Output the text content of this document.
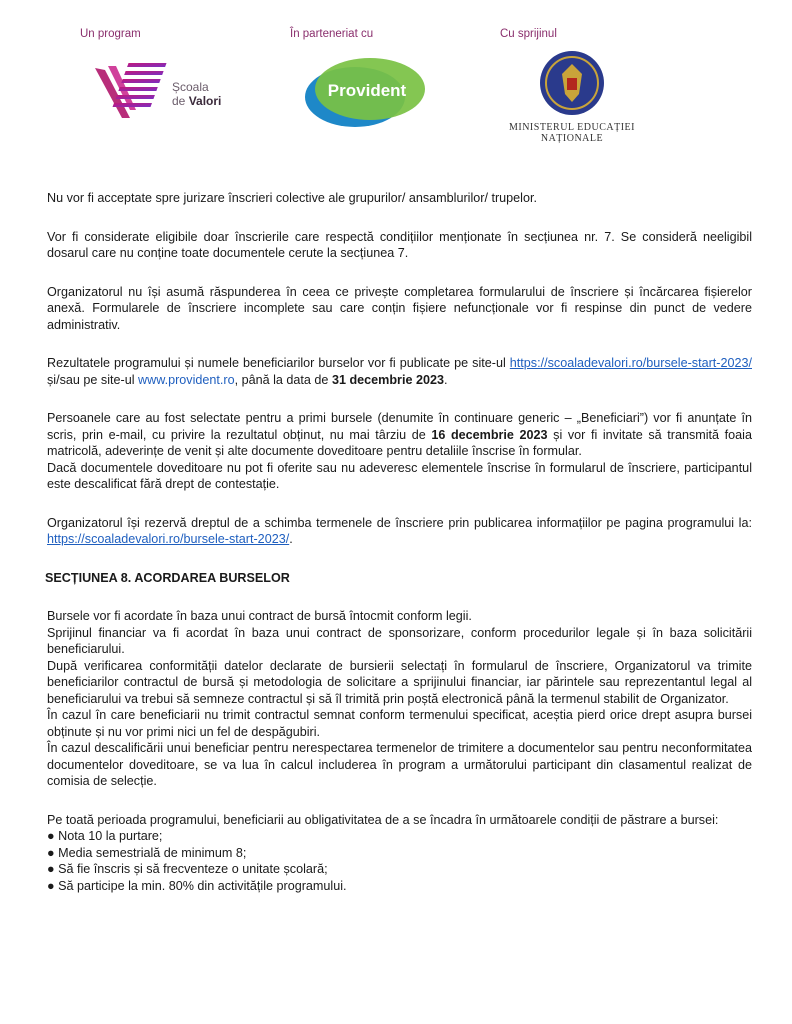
Un program
Școala
de Valori
În parteneriat cu
Provident
Cu sprijinul
MINISTERUL EDUCAȚIEI
NAȚIONALE

Nu vor fi acceptate spre jurizare înscrieri colective ale grupurilor/ ansamblurilor/ trupelor.

Vor fi considerate eligibile doar înscrierile care respectă condițiilor menționate în secțiunea nr. 7. Se consideră neeligibil dosarul care nu conține toate documentele cerute la secțiunea 7.

Organizatorul nu își asumă răspunderea în ceea ce privește completarea formularului de înscriere și încărcarea fișierelor anexă. Formularele de înscriere incomplete sau care conțin fișiere nefuncționale vor fi respinse din punct de vedere administrativ.

Rezultatele programului și numele beneficiarilor burselor vor fi publicate pe site-ul https://scoaladevalori.ro/bursele-start-2023/ și/sau pe site-ul www.provident.ro, până la data de 31 decembrie 2023.

Persoanele care au fost selectate pentru a primi bursele (denumite în continuare generic – „Beneficiari”) vor fi anunțate în scris, prin e-mail, cu privire la rezultatul obținut, nu mai târziu de 16 decembrie 2023 și vor fi invitate să transmită foaia matricolă, adeverințe de venit și alte documente doveditoare pentru detaliile înscrise în formular.

Dacă documentele doveditoare nu pot fi oferite sau nu adeveresc elementele înscrise în formularul de înscriere, participantul este descalificat fără drept de contestație.

Organizatorul își rezervă dreptul de a schimba termenele de înscriere prin publicarea informațiilor pe pagina programului la: https://scoaladevalori.ro/bursele-start-2023/.

SECȚIUNEA 8. ACORDAREA BURSELOR

Bursele vor fi acordate în baza unui contract de bursă întocmit conform legii.

Sprijinul financiar va fi acordat în baza unui contract de sponsorizare, conform procedurilor legale și în baza solicitării beneficiarului.

După verificarea conformității datelor declarate de bursierii selectați în formularul de înscriere, Organizatorul va trimite beneficiarilor contractul de bursă și metodologia de solicitare a sprijinului financiar, iar părintele sau reprezentantul legal al beneficiarului va trebui să semneze contractul și să îl trimită prin poștă electronică până la termenul stabilit de Organizator.

În cazul în care beneficiarii nu trimit contractul semnat conform termenului specificat, aceștia pierd orice drept asupra bursei obținute și nu vor primi nici un fel de despăgubiri.

În cazul descalificării unui beneficiar pentru nerespectarea termenelor de trimitere a documentelor sau pentru neconformitatea documentelor doveditoare, se va lua în calcul includerea în program a următorului participant din clasamentul realizat de comisia de selecție.

Pe toată perioada programului, beneficiarii au obligativitatea de a se încadra în următoarele condiții de păstrare a bursei:

● Nota 10 la purtare;

● Media semestrială de minimum 8;

● Să fie înscris și să frecventeze o unitate școlară;

● Să participe la min. 80% din activitățile programului.
